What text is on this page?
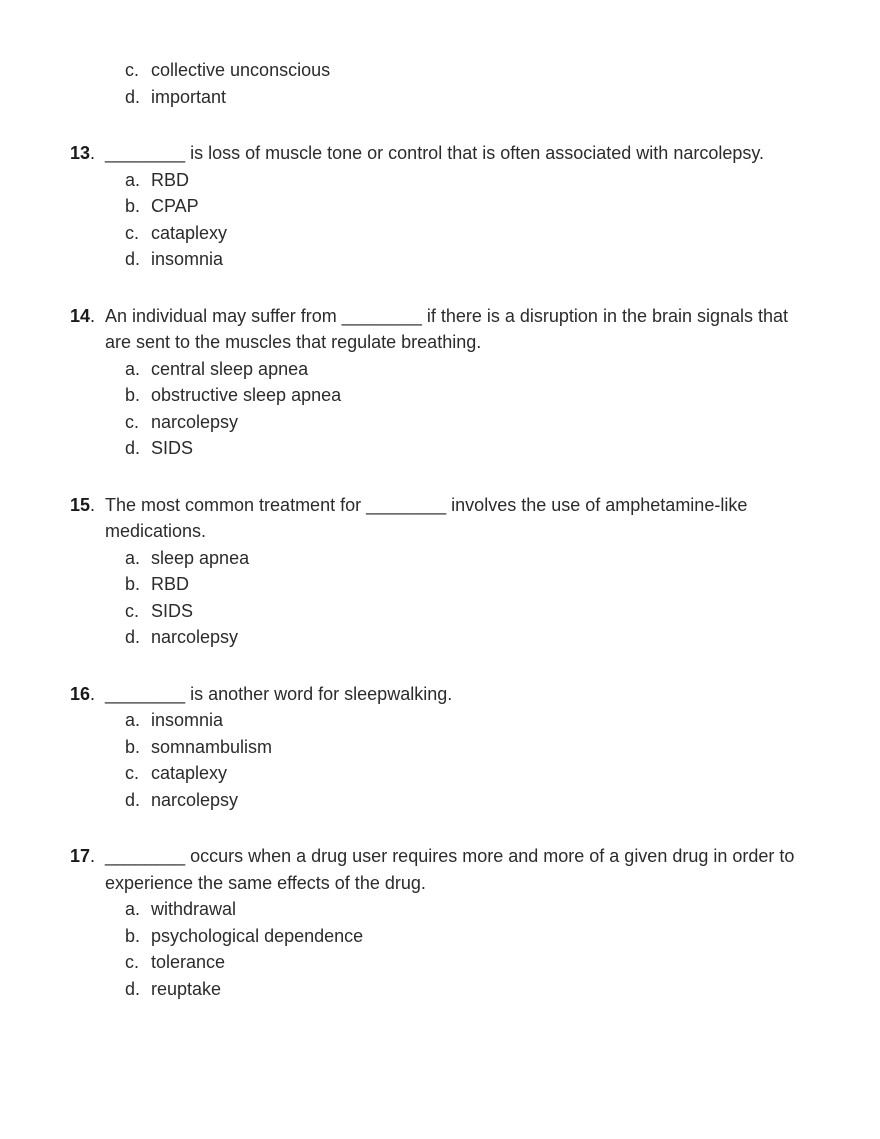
c. collective unconscious
d. important
13. ________ is loss of muscle tone or control that is often associated with narcolepsy.
a. RBD
b. CPAP
c. cataplexy
d. insomnia
14. An individual may suffer from ________ if there is a disruption in the brain signals that are sent to the muscles that regulate breathing.
a. central sleep apnea
b. obstructive sleep apnea
c. narcolepsy
d. SIDS
15. The most common treatment for ________ involves the use of amphetamine-like medications.
a. sleep apnea
b. RBD
c. SIDS
d. narcolepsy
16. ________ is another word for sleepwalking.
a. insomnia
b. somnambulism
c. cataplexy
d. narcolepsy
17. ________ occurs when a drug user requires more and more of a given drug in order to experience the same effects of the drug.
a. withdrawal
b. psychological dependence
c. tolerance
d. reuptake
